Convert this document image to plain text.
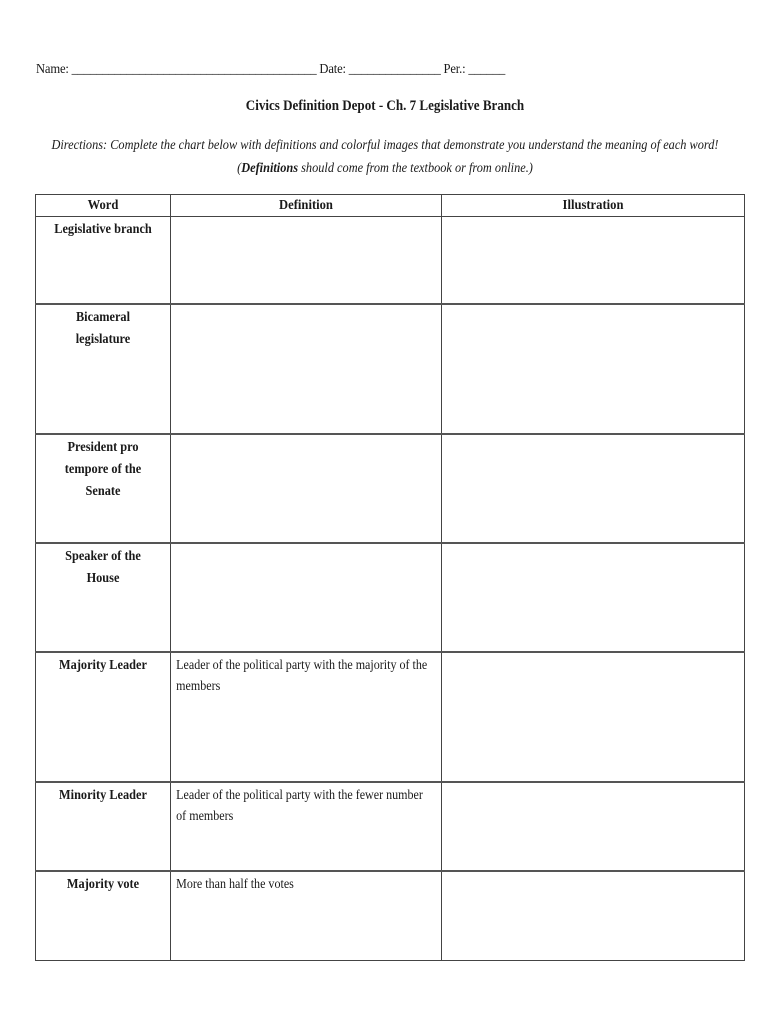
Name: ________________________________________ Date: _______________ Per.: ______
Civics Definition Depot - Ch. 7 Legislative Branch
Directions: Complete the chart below with definitions and colorful images that demonstrate you understand the meaning of each word! (Definitions should come from the textbook or from online.)
Word	Definition	Illustration

Legislative branch		

Bicameral legislature		

President pro tempore of the Senate		

Speaker of the House		

Majority Leader	Leader of the political party with the majority of the members	

Minority Leader	Leader of the political party with the fewer number of members	

Majority vote	More than half the votes	
